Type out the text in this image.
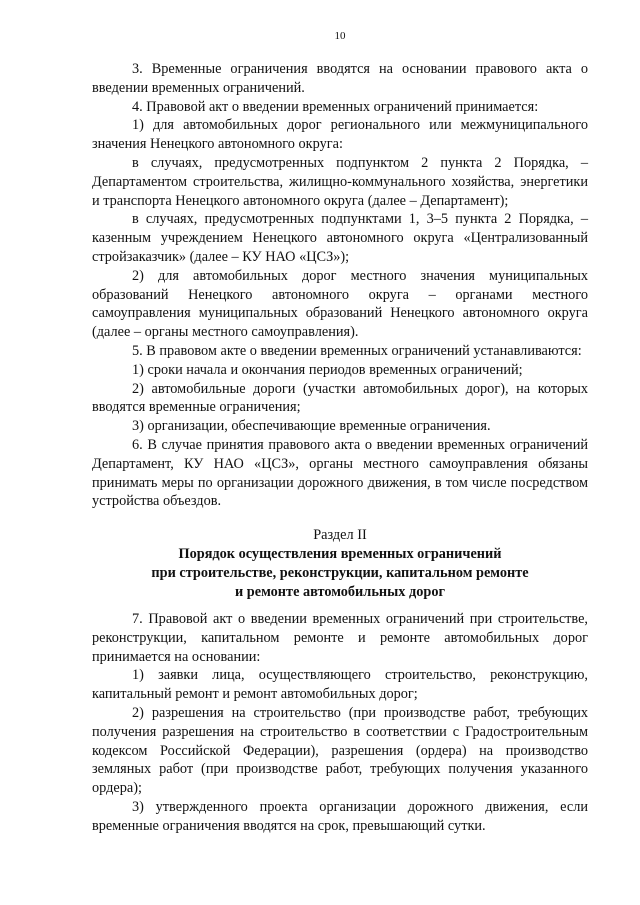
10

3. Временные ограничения вводятся на основании правового акта о введении временных ограничений.

4. Правовой акт о введении временных ограничений принимается:

1) для автомобильных дорог регионального или межмуниципального значения Ненецкого автономного округа:

в случаях, предусмотренных подпунктом 2 пункта 2 Порядка, – Департаментом строительства, жилищно-коммунального хозяйства, энергетики и транспорта Ненецкого автономного округа (далее – Департамент);

в случаях, предусмотренных подпунктами 1, 3–5 пункта 2 Порядка, – казенным учреждением Ненецкого автономного округа «Централизованный стройзаказчик» (далее – КУ НАО «ЦСЗ»);

2) для автомобильных дорог местного значения муниципальных образований Ненецкого автономного округа – органами местного самоуправления муниципальных образований Ненецкого автономного округа (далее – органы местного самоуправления).

5. В правовом акте о введении временных ограничений устанавливаются:

1) сроки начала и окончания периодов временных ограничений;

2) автомобильные дороги (участки автомобильных дорог), на которых вводятся временные ограничения;

3) организации, обеспечивающие временные ограничения.

6. В случае принятия правового акта о введении временных ограничений Департамент, КУ НАО «ЦСЗ», органы местного самоуправления обязаны принимать меры по организации дорожного движения, в том числе посредством устройства объездов.

Раздел II

Порядок осуществления временных ограничений

при строительстве, реконструкции, капитальном ремонте

и ремонте автомобильных дорог

7. Правовой акт о введении временных ограничений при строительстве, реконструкции, капитальном ремонте и ремонте автомобильных дорог принимается на основании:

1) заявки лица, осуществляющего строительство, реконструкцию, капитальный ремонт и ремонт автомобильных дорог;

2) разрешения на строительство (при производстве работ, требующих получения разрешения на строительство в соответствии с Градостроительным кодексом Российской Федерации), разрешения (ордера) на производство земляных работ (при производстве работ, требующих получения указанного ордера);

3) утвержденного проекта организации дорожного движения, если временные ограничения вводятся на срок, превышающий сутки.
